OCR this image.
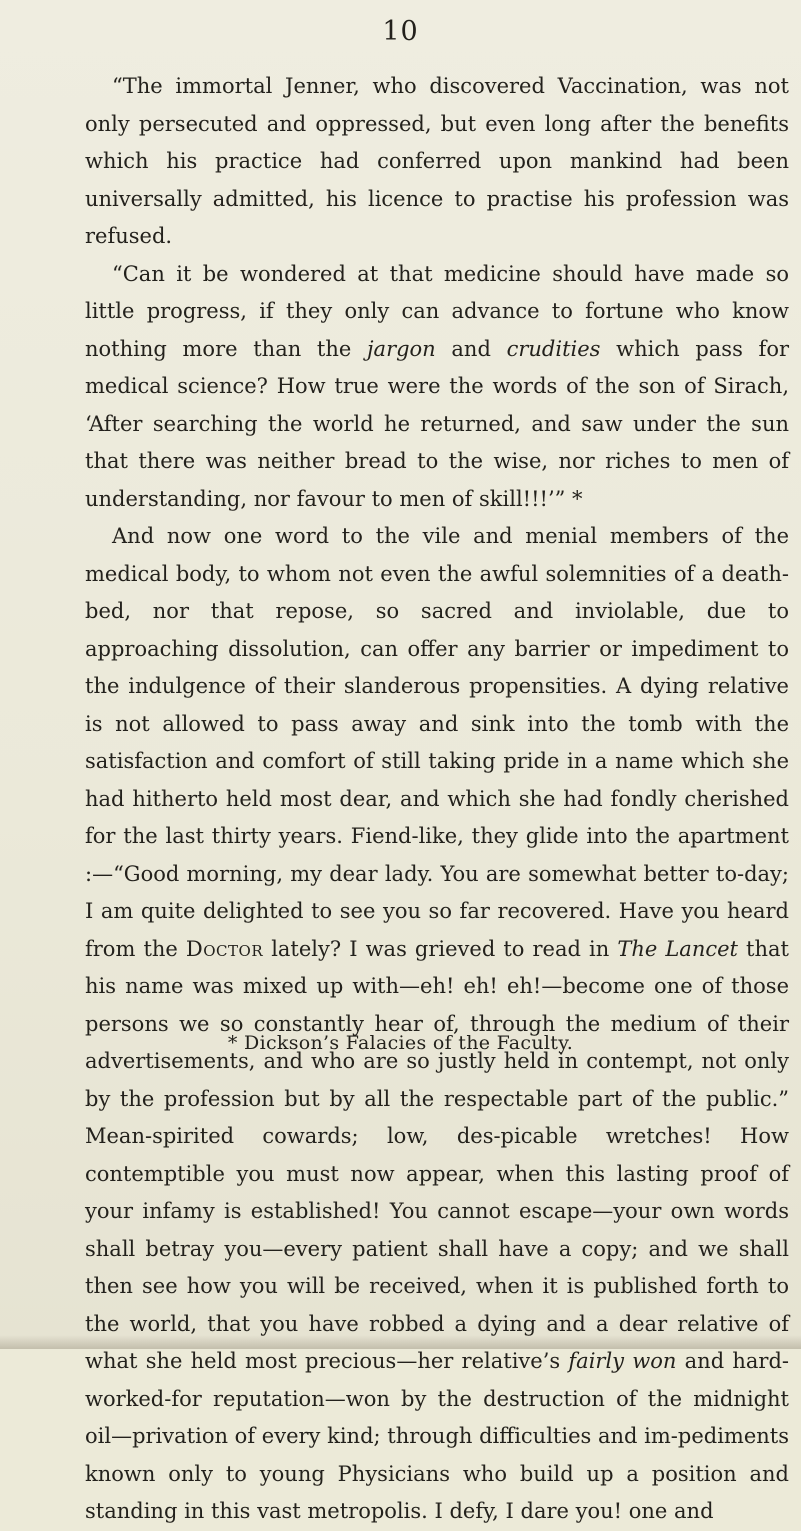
10

“The immortal Jenner, who discovered Vaccination, was not only persecuted and oppressed, but even long after the benefits which his practice had conferred upon mankind had been universally admitted, his licence to practise his profession was refused.

“Can it be wondered at that medicine should have made so little progress, if they only can advance to fortune who know nothing more than the jargon and crudities which pass for medical science? How true were the words of the son of Sirach, ‘After searching the world he returned, and saw under the sun that there was neither bread to the wise, nor riches to men of understanding, nor favour to men of skill!!!’” *

And now one word to the vile and menial members of the medical body, to whom not even the awful solemnities of a death-bed, nor that repose, so sacred and inviolable, due to approaching dissolution, can offer any barrier or impediment to the indulgence of their slanderous propensities. A dying relative is not allowed to pass away and sink into the tomb with the satisfaction and comfort of still taking pride in a name which she had hitherto held most dear, and which she had fondly cherished for the last thirty years. Fiend-like, they glide into the apartment :—“Good morning, my dear lady. You are somewhat better to-day; I am quite delighted to see you so far recovered. Have you heard from the Doctor lately? I was grieved to read in The Lancet that his name was mixed up with—eh! eh! eh!—become one of those persons we so constantly hear of, through the medium of their advertisements, and who are so justly held in contempt, not only by the profession but by all the respectable part of the public.” Mean-spirited cowards; low, des-picable wretches! How contemptible you must now appear, when this lasting proof of your infamy is established! You cannot escape—your own words shall betray you—every patient shall have a copy; and we shall then see how you will be received, when it is published forth to the world, that you have robbed a dying and a dear relative of what she held most precious—her relative’s fairly won and hard-worked-for reputation—won by the destruction of the midnight oil—privation of every kind; through difficulties and im-pediments known only to young Physicians who build up a position and standing in this vast metropolis. I defy, I dare you! one and

* Dickson’s Falacies of the Faculty.
